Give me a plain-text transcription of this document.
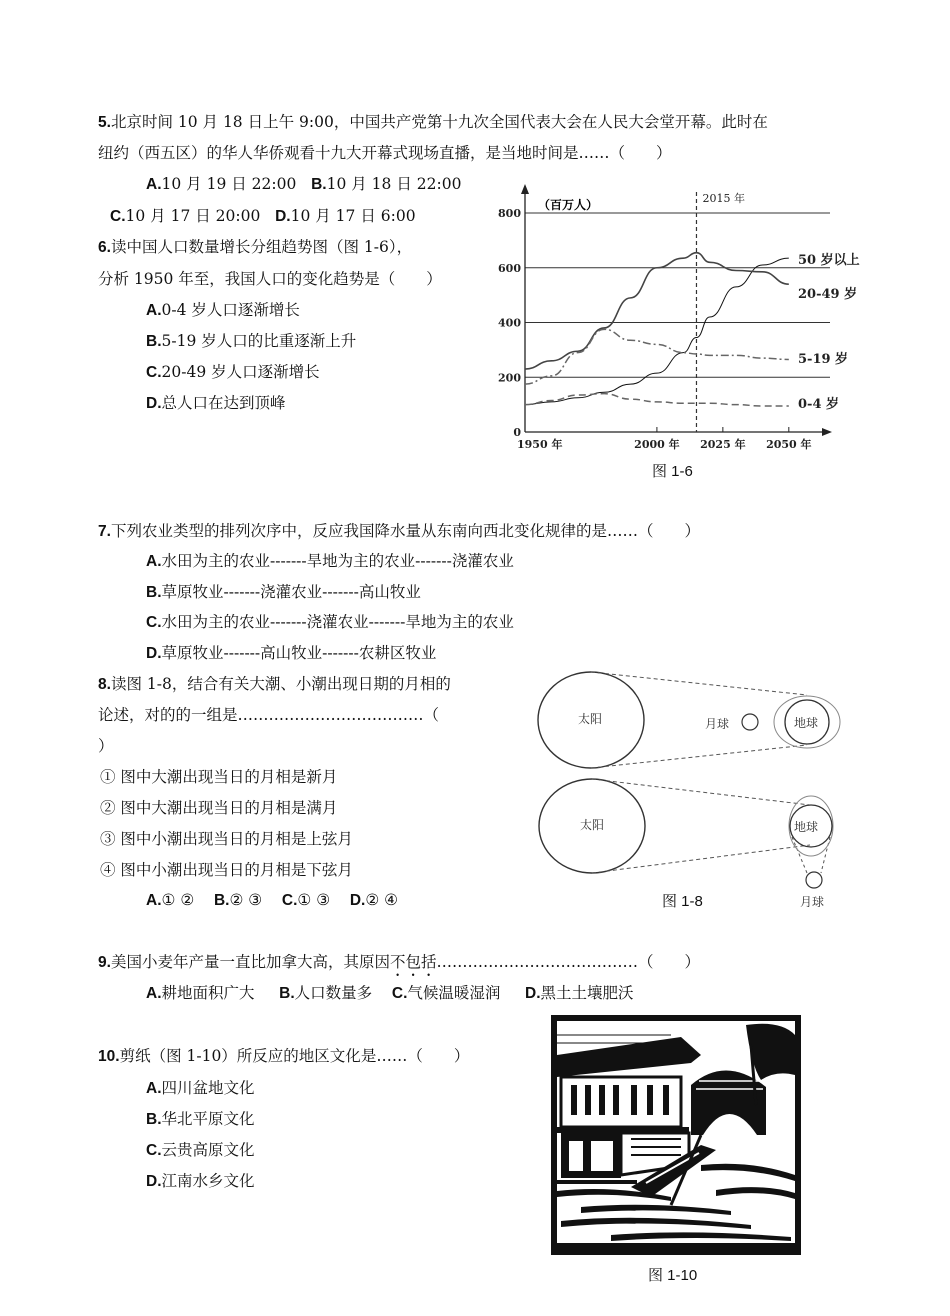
5.北京时间 10 月 18 日上午 9:00，中国共产党第十九次全国代表大会在人民大会堂开幕。此时在
纽约（西五区）的华人华侨观看十九大开幕式现场直播，是当地时间是……（　　）
A.10 月 19 日 22:00 B.10 月 18 日 22:00
C.10 月 17 日 20:00 D.10 月 17 日 6:00
6.读中国人口数量增长分组趋势图（图 1-6），
分析 1950 年至，我国人口的变化趋势是（　　）
A.0-4 岁人口逐渐增长
B.5-19 岁人口的比重逐渐上升
C.20-49 岁人口逐渐增长
D.总人口在达到顶峰
（百万人）
0
200
400
600
800
1950 年	2000 年 2025 年 2050 年
2015 年
50 岁以上
20-49 岁
5-19 岁
0-4 岁
图 1-6
7.下列农业类型的排列次序中，反应我国降水量从东南向西北变化规律的是……（　　）
A.水田为主的农业-------旱地为主的农业-------浇灌农业
B.草原牧业-------浇灌农业-------高山牧业
C.水田为主的农业-------浇灌农业-------旱地为主的农业
D.草原牧业-------高山牧业-------农耕区牧业
8.读图 1-8，结合有关大潮、小潮出现日期的月相的
论述，对的的一组是………………………………（
）
① 图中大潮出现当日的月相是新月
② 图中大潮出现当日的月相是满月
③ 图中小潮出现当日的月相是上弦月
④ 图中小潮出现当日的月相是下弦月
A.① ② B.② ③ C.① ③ D.② ④
太阳	月球	地球
太阳	地球
月球
图 1-8
9.美国小麦年产量一直比加拿大高，其原因不包括…………………………………（　　）
A.耕地面积广大 B.人口数量多 C.气候温暖湿润 D.黑土土壤肥沃
10.剪纸（图 1-10）所反应的地区文化是……（　　）
A.四川盆地文化
B.华北平原文化
C.云贵高原文化
D.江南水乡文化
图 1-10
